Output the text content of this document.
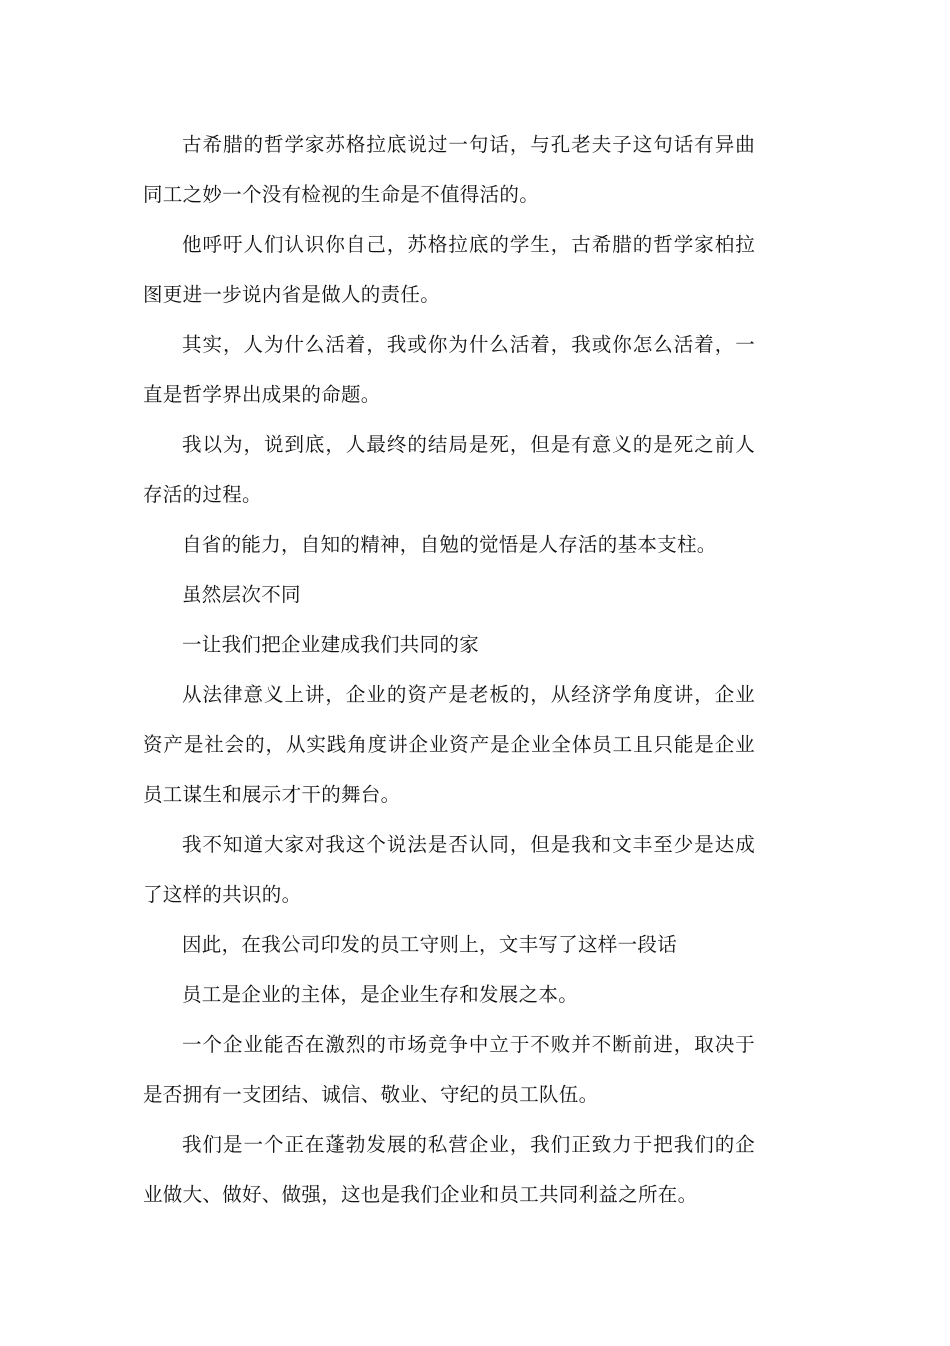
古希腊的哲学家苏格拉底说过一句话，与孔老夫子这句话有异曲同工之妙一个没有检视的生命是不值得活的。

他呼吁人们认识你自己，苏格拉底的学生，古希腊的哲学家柏拉图更进一步说内省是做人的责任。

其实，人为什么活着，我或你为什么活着，我或你怎么活着，一直是哲学界出成果的命题。

我以为，说到底，人最终的结局是死，但是有意义的是死之前人存活的过程。

自省的能力，自知的精神，自勉的觉悟是人存活的基本支柱。

虽然层次不同

一让我们把企业建成我们共同的家

从法律意义上讲，企业的资产是老板的，从经济学角度讲，企业资产是社会的，从实践角度讲企业资产是企业全体员工且只能是企业员工谋生和展示才干的舞台。

我不知道大家对我这个说法是否认同，但是我和文丰至少是达成了这样的共识的。

因此，在我公司印发的员工守则上，文丰写了这样一段话

员工是企业的主体，是企业生存和发展之本。

一个企业能否在激烈的市场竞争中立于不败并不断前进，取决于是否拥有一支团结、诚信、敬业、守纪的员工队伍。

我们是一个正在蓬勃发展的私营企业，我们正致力于把我们的企业做大、做好、做强，这也是我们企业和员工共同利益之所在。
